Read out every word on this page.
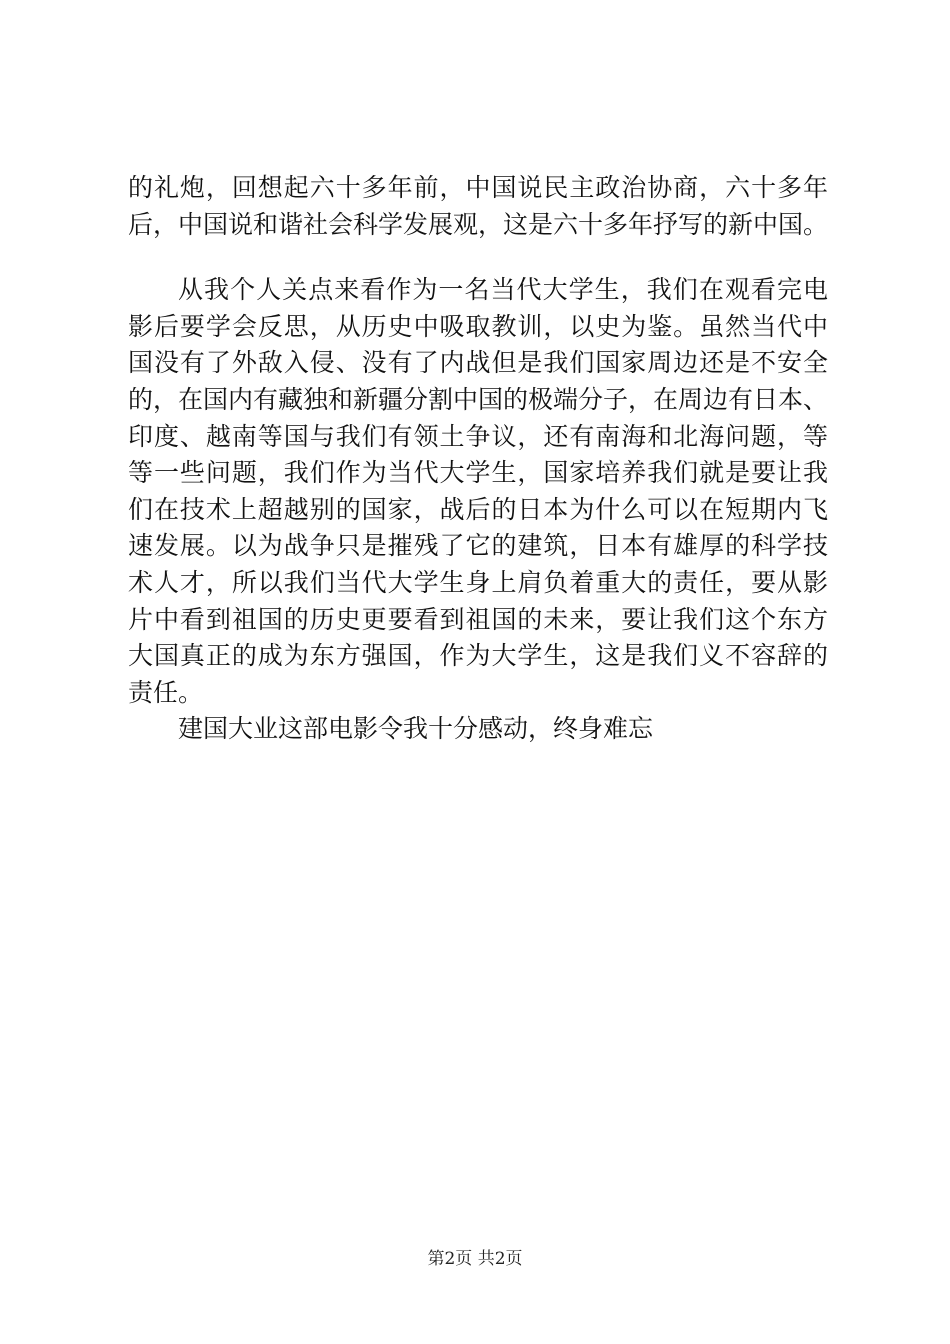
的礼炮，回想起六十多年前，中国说民主政治协商，六十多年
后，中国说和谐社会科学发展观，这是六十多年抒写的新中国。
从我个人关点来看作为一名当代大学生，我们在观看完电
影后要学会反思，从历史中吸取教训，以史为鉴。虽然当代中
国没有了外敌入侵、没有了内战但是我们国家周边还是不安全
的，在国内有藏独和新疆分割中国的极端分子，在周边有日本、
印度、越南等国与我们有领土争议，还有南海和北海问题，等
等一些问题，我们作为当代大学生，国家培养我们就是要让我
们在技术上超越别的国家，战后的日本为什么可以在短期内飞
速发展。以为战争只是摧残了它的建筑，日本有雄厚的科学技
术人才，所以我们当代大学生身上肩负着重大的责任，要从影
片中看到祖国的历史更要看到祖国的未来，要让我们这个东方
大国真正的成为东方强国，作为大学生，这是我们义不容辞的
责任。
建国大业这部电影令我十分感动，终身难忘
第2页 共2页
